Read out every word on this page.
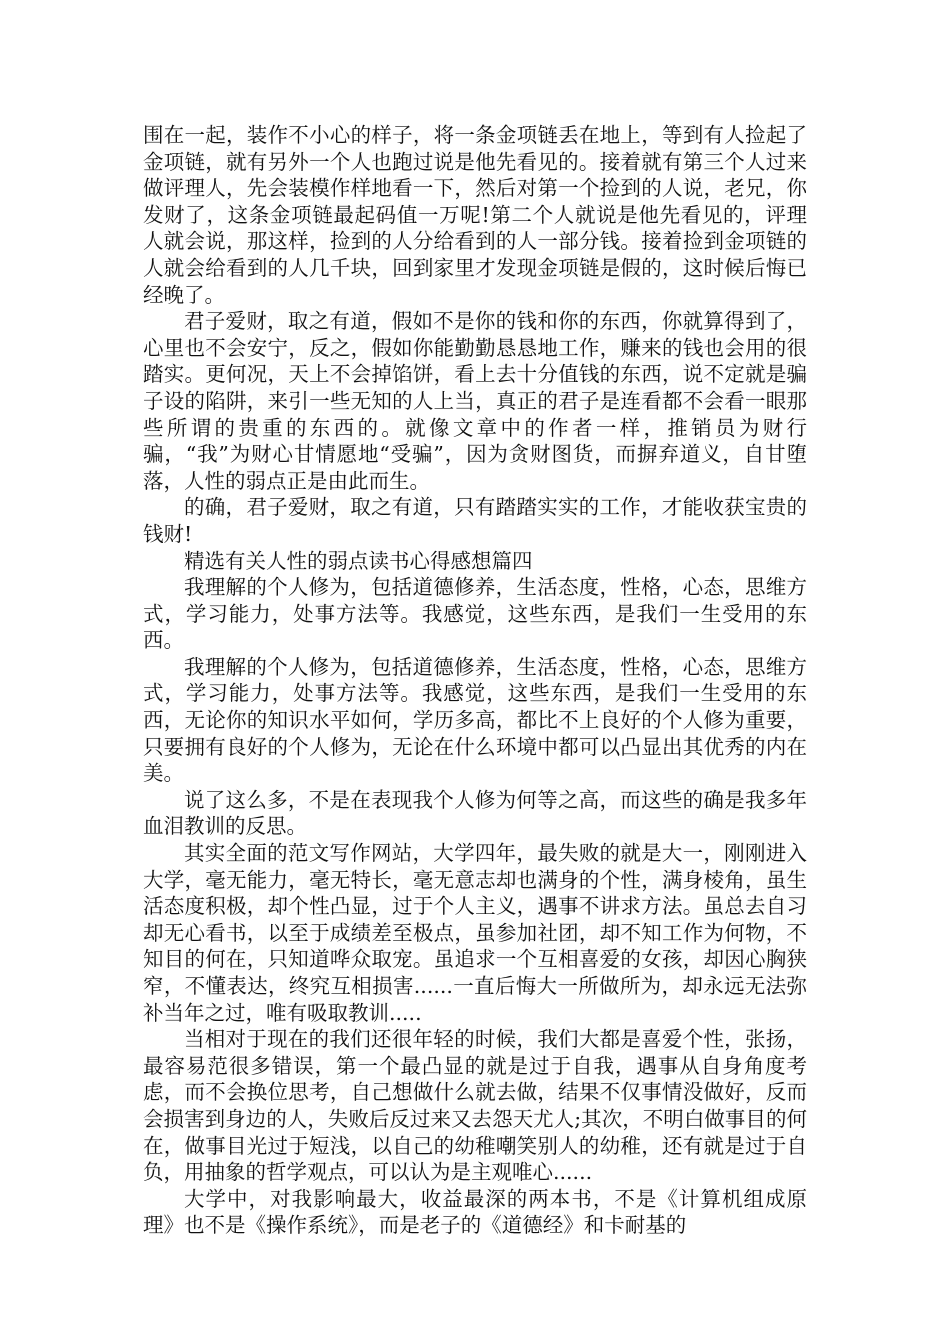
围在一起，装作不小心的样子，将一条金项链丢在地上，等到有人捡起了金项链，就有另外一个人也跑过说是他先看见的。接着就有第三个人过来做评理人，先会装模作样地看一下，然后对第一个捡到的人说，老兄，你发财了，这条金项链最起码值一万呢!第二个人就说是他先看见的，评理人就会说，那这样，捡到的人分给看到的人一部分钱。接着捡到金项链的人就会给看到的人几千块，回到家里才发现金项链是假的，这时候后悔已经晚了。

君子爱财，取之有道，假如不是你的钱和你的东西，你就算得到了，心里也不会安宁，反之，假如你能勤勤恳恳地工作，赚来的钱也会用的很踏实。更何况，天上不会掉馅饼，看上去十分值钱的东西，说不定就是骗子设的陷阱，来引一些无知的人上当，真正的君子是连看都不会看一眼那些所谓的贵重的东西的。就像文章中的作者一样，推销员为财行骗，“我”为财心甘情愿地“受骗”，因为贪财图货，而摒弃道义，自甘堕落，人性的弱点正是由此而生。

的确，君子爱财，取之有道，只有踏踏实实的工作，才能收获宝贵的钱财!

精选有关人性的弱点读书心得感想篇四

我理解的个人修为，包括道德修养，生活态度，性格，心态，思维方式，学习能力，处事方法等。我感觉，这些东西，是我们一生受用的东西。

我理解的个人修为，包括道德修养，生活态度，性格，心态，思维方式，学习能力，处事方法等。我感觉，这些东西，是我们一生受用的东西，无论你的知识水平如何，学历多高，都比不上良好的个人修为重要，只要拥有良好的个人修为，无论在什么环境中都可以凸显出其优秀的内在美。

说了这么多，不是在表现我个人修为何等之高，而这些的确是我多年血泪教训的反思。

其实全面的范文写作网站，大学四年，最失败的就是大一，刚刚进入大学，毫无能力，毫无特长，毫无意志却也满身的个性，满身棱角，虽生活态度积极，却个性凸显，过于个人主义，遇事不讲求方法。虽总去自习却无心看书，以至于成绩差至极点，虽参加社团，却不知工作为何物，不知目的何在，只知道哗众取宠。虽追求一个互相喜爱的女孩，却因心胸狭窄，不懂表达，终究互相损害......一直后悔大一所做所为，却永远无法弥补当年之过，唯有吸取教训.....

当相对于现在的我们还很年轻的时候，我们大都是喜爱个性，张扬，最容易范很多错误，第一个最凸显的就是过于自我，遇事从自身角度考虑，而不会换位思考，自己想做什么就去做，结果不仅事情没做好，反而会损害到身边的人，失败后反过来又去怨天尤人;其次，不明白做事目的何在，做事目光过于短浅，以自己的幼稚嘲笑别人的幼稚，还有就是过于自负，用抽象的哲学观点，可以认为是主观唯心......

大学中，对我影响最大，收益最深的两本书，不是《计算机组成原理》也不是《操作系统》，而是老子的《道德经》和卡耐基的
